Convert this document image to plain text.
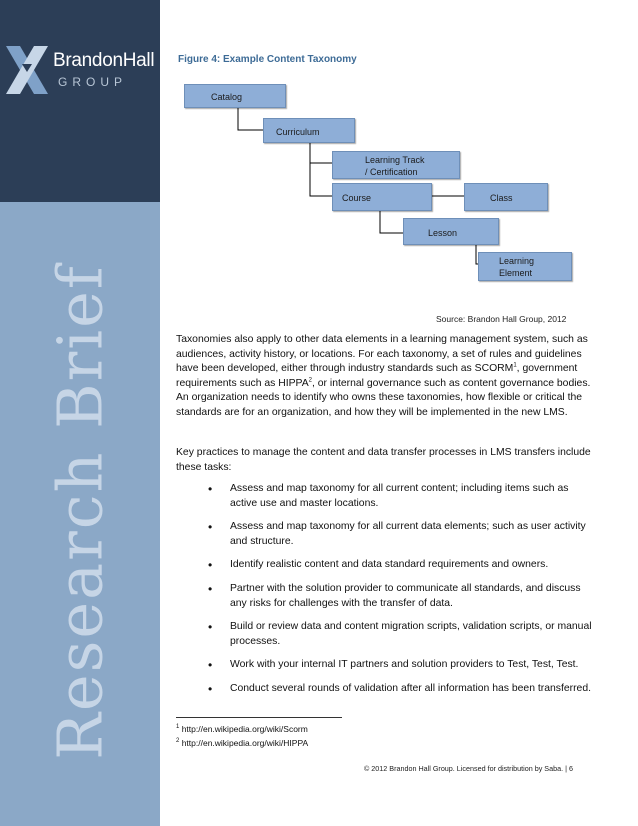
BrandonHall
GROUP
Research Brief
Figure 4: Example Content Taxonomy
Catalog
Curriculum
Learning Track
/ Certification
Course	Class
Lesson
Learning
Element
Source: Brandon Hall Group, 2012

Taxonomies also apply to other data elements in a learning management system, such as audiences, activity history, or locations. For each taxonomy, a set of rules and guidelines have been developed, either through industry standards such as SCORM$^1$, government requirements such as HIPPA$^2$, or internal governance such as content governance bodies. An organization needs to identify who owns these taxonomies, how flexible or critical the standards are for an organization, and how they will be implemented in the new LMS.

Key practices to manage the content and data transfer processes in LMS transfers include these tasks:

• Assess and map taxonomy for all current content; including items such as active use and master locations.
• Assess and map taxonomy for all current data elements; such as user activity and structure.
• Identify realistic content and data standard requirements and owners.
• Partner with the solution provider to communicate all standards, and discuss any risks for challenges with the transfer of data.
• Build or review data and content migration scripts, validation scripts, or manual processes.
• Work with your internal IT partners and solution providers to Test, Test, Test.
• Conduct several rounds of validation after all information has been transferred.
$^1$ http://en.wikipedia.org/wiki/Scorm
$^2$ http://en.wikipedia.org/wiki/HIPPA
© 2012 Brandon Hall Group. Licensed for distribution by Saba. | 6
